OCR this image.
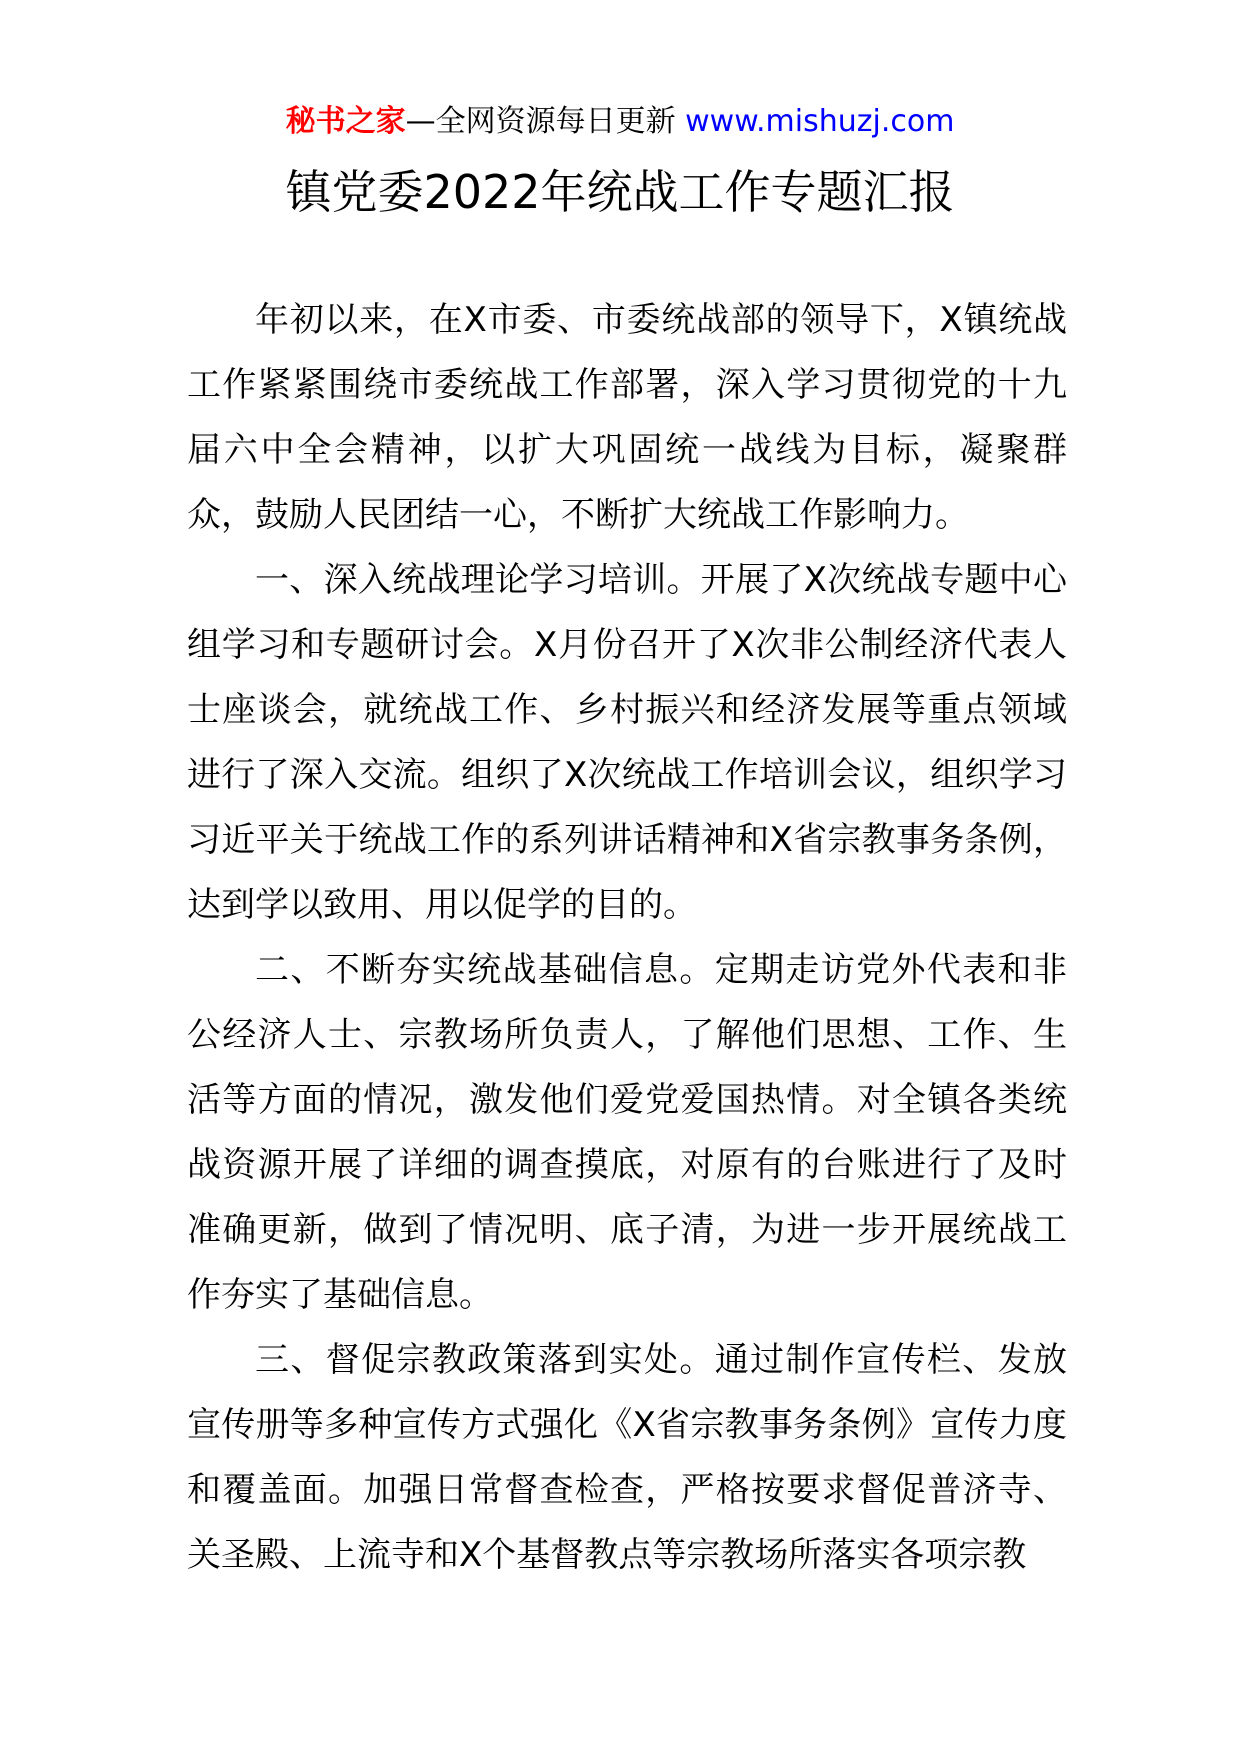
秘书之家—全网资源每日更新 www.mishuzj.com
镇党委2022年统战工作专题汇报

年初以来，在X市委、市委统战部的领导下，X镇统战工作紧紧围绕市委统战工作部署，深入学习贯彻党的十九届六中全会精神，以扩大巩固统一战线为目标，凝聚群众，鼓励人民团结一心，不断扩大统战工作影响力。

一、深入统战理论学习培训。开展了X次统战专题中心组学习和专题研讨会。X月份召开了X次非公制经济代表人士座谈会，就统战工作、乡村振兴和经济发展等重点领域进行了深入交流。组织了X次统战工作培训会议，组织学习习近平关于统战工作的系列讲话精神和X省宗教事务条例，达到学以致用、用以促学的目的。

二、不断夯实统战基础信息。定期走访党外代表和非公经济人士、宗教场所负责人，了解他们思想、工作、生活等方面的情况，激发他们爱党爱国热情。对全镇各类统战资源开展了详细的调查摸底，对原有的台账进行了及时准确更新，做到了情况明、底子清，为进一步开展统战工作夯实了基础信息。

三、督促宗教政策落到实处。通过制作宣传栏、发放宣传册等多种宣传方式强化《X省宗教事务条例》宣传力度和覆盖面。加强日常督查检查，严格按要求督促普济寺、关圣殿、上流寺和X个基督教点等宗教场所落实各项宗教
